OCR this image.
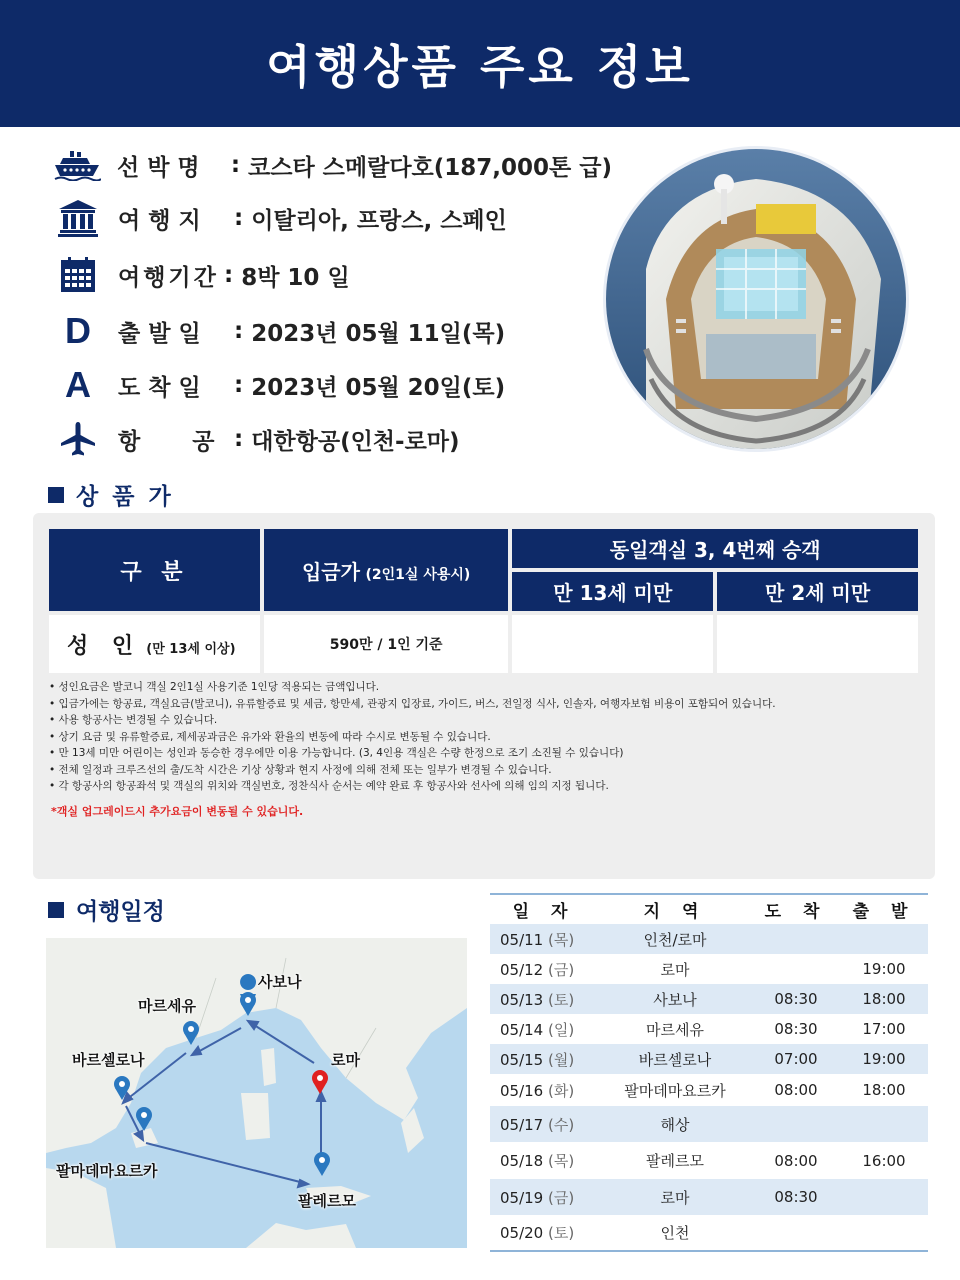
여행상품 주요 정보
선 박 명 : 코스타 스메랄다호(187,000톤 급)
여 행 지	: 이탈리아, 프랑스, 스페인
여행기간 : 8박 10 일
D 출 발 일	: 2023년 05월 11일(목)
A 도 착 일	: 2023년 05월 20일(토)
항 공 : 대한항공(인천-로마)
상 품 가
구 분	입금가 (2인1실 사용시)	동일객실 3, 4번째 승객	
		만 13세 미만	만 2세 미만
성 인 (만 13세 이상)	590만 / 1인 기준		
• 성인요금은 발코니 객실 2인1실 사용기준 1인당 적용되는 금액입니다.
• 입금가에는 항공료, 객실요금(발코니), 유류할증료 및 세금, 항만세, 관광지 입장료, 가이드, 버스, 전일정 식사, 인솔자, 여행자보험 비용이 포함되어 있습니다.
• 사용 항공사는 변경될 수 있습니다.
• 상기 요금 및 유류할증료, 제세공과금은 유가와 환율의 변동에 따라 수시로 변동될 수 있습니다.
• 만 13세 미만 어린이는 성인과 동승한 경우에만 이용 가능합니다. (3, 4인용 객실은 수량 한정으로 조기 소진될 수 있습니다)
• 전체 일정과 크루즈선의 출/도착 시간은 기상 상황과 현지 사정에 의해 전체 또는 일부가 변경될 수 있습니다.
• 각 항공사의 항공좌석 및 객실의 위치와 객실번호, 정찬식사 순서는 예약 완료 후 항공사와 선사에 의해 임의 지정 됩니다.
*객실 업그레이드시 추가요금이 변동될 수 있습니다.
여행일정
사보나
마르세유
바르셀로나	로마
팔마데마요르카
팔레르모
일 자	지 역	도 착	출 발
05/11 (목)	인천/로마		
05/12 (금)	로마		19:00
05/13 (토)	사보나	08:30	18:00
05/14 (일)	마르세유	08:30	17:00
05/15 (월)	바르셀로나	07:00	19:00
05/16 (화)	팔마데마요르카	08:00	18:00
05/17 (수)	해상		
05/18 (목)	팔레르모	08:00	16:00
05/19 (금)	로마	08:30	
05/20 (토)	인천		
